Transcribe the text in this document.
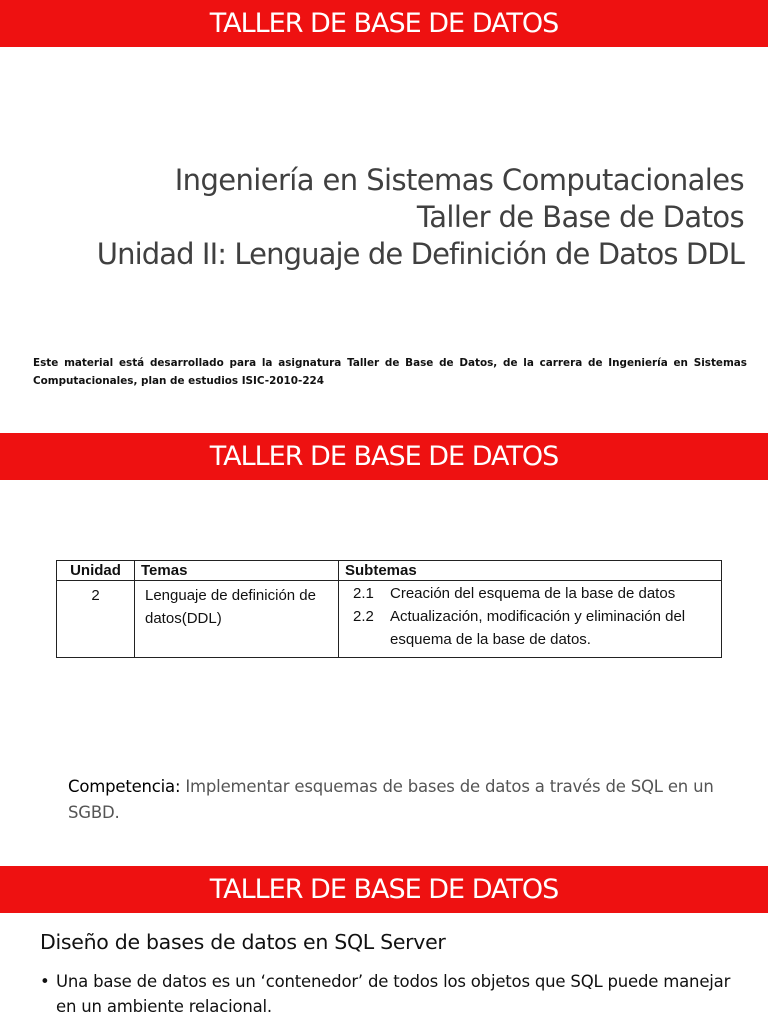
TALLER DE BASE DE DATOS
Ingeniería en Sistemas Computacionales
Taller de Base de Datos
Unidad II: Lenguaje de Definición de Datos DDL
Este material está desarrollado para la asignatura Taller de Base de Datos, de la carrera de Ingeniería en Sistemas Computacionales, plan de estudios ISIC-2010-224
TALLER DE BASE DE DATOS
Unidad	Temas	Subtemas
2	Lenguaje de definición de datos(DDL)	2.1 Creación del esquema de la base de datos
2.2 Actualización, modificación y eliminación del esquema de la base de datos.
Competencia: Implementar esquemas de bases de datos a través de SQL en un SGBD.
TALLER DE BASE DE DATOS
Diseño de bases de datos en SQL Server
• Una base de datos es un ‘contenedor’ de todos los objetos que SQL puede manejar en un ambiente relacional.
